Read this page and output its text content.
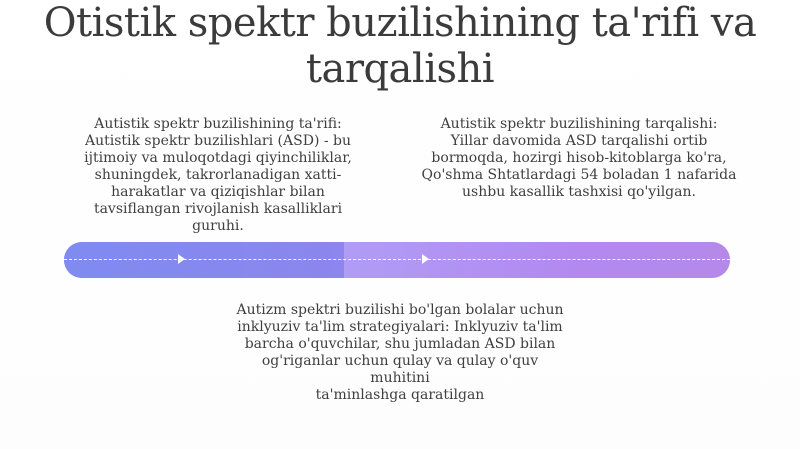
Otistik spektr buzilishining ta'rifi va tarqalishi
Autistik spektr buzilishining ta'rifi:
Autistik spektr buzilishlari (ASD) - bu
ijtimoiy va muloqotdagi qiyinchiliklar,
shuningdek, takrorlanadigan xatti-
harakatlar va qiziqishlar bilan
tavsiflangan rivojlanish kasalliklari
guruhi.
Autistik spektr buzilishining tarqalishi:
Yillar davomida ASD tarqalishi ortib
bormoqda, hozirgi hisob-kitoblarga ko'ra,
Qo'shma Shtatlardagi 54 boladan 1 nafarida
ushbu kasallik tashxisi qo'yilgan.
Autizm spektri buzilishi bo'lgan bolalar uchun
inklyuziv ta'lim strategiyalari: Inklyuziv ta'lim
barcha o'quvchilar, shu jumladan ASD bilan
og'riganlar uchun qulay va qulay o'quv muhitini
ta'minlashga qaratilgan
